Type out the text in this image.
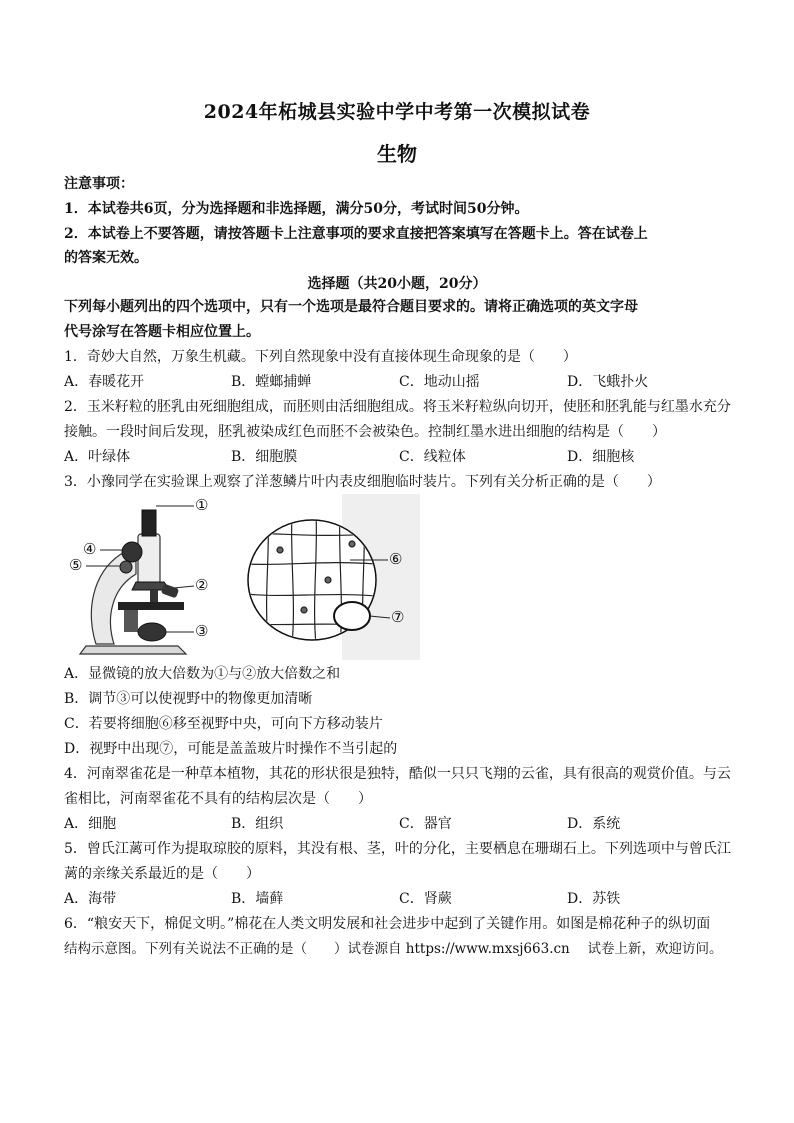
2024年柘城县实验中学中考第一次模拟试卷
生物
注意事项：
1．本试卷共6页，分为选择题和非选择题，满分50分，考试时间50分钟。
2．本试卷上不要答题，请按答题卡上注意事项的要求直接把答案填写在答题卡上。答在试卷上
的答案无效。
选择题（共20小题，20分）
下列每小题列出的四个选项中，只有一个选项是最符合题目要求的。请将正确选项的英文字母
代号涂写在答题卡相应位置上。
1．奇妙大自然，万象生机藏。下列自然现象中没有直接体现生命现象的是（　　）
A．春暖花开	B．螳螂捕蝉	C．地动山摇	D．飞蛾扑火
2．玉米籽粒的胚乳由死细胞组成，而胚则由活细胞组成。将玉米籽粒纵向切开，使胚和胚乳能与红墨水充分
接触。一段时间后发现，胚乳被染成红色而胚不会被染色。控制红墨水进出细胞的结构是（　　）
A．叶绿体	B．细胞膜	C．线粒体	D．细胞核
3．小豫同学在实验课上观察了洋葱鳞片叶内表皮细胞临时装片。下列有关分析正确的是（　　）
①
②
③
④
⑤	⑥
⑦
A．显微镜的放大倍数为①与②放大倍数之和
B．调节③可以使视野中的物像更加清晰
C．若要将细胞⑥移至视野中央，可向下方移动装片
D．视野中出现⑦，可能是盖盖玻片时操作不当引起的
4．河南翠雀花是一种草本植物，其花的形状很是独特，酷似一只只飞翔的云雀，具有很高的观赏价值。与云
雀相比，河南翠雀花不具有的结构层次是（　　）
A．细胞	B．组织	C．器官	D．系统
5．曾氏江蓠可作为提取琼胶的原料，其没有根、茎，叶的分化，主要栖息在珊瑚石上。下列选项中与曾氏江
蓠的亲缘关系最近的是（　　）
A．海带	B．墙藓	C．肾蕨	D．苏铁
6．“粮安天下，棉促文明。”棉花在人类文明发展和社会进步中起到了关键作用。如图是棉花种子的纵切面
结构示意图。下列有关说法不正确的是（　　）试卷源自 https://www.mxsj663.cn　 试卷上新，欢迎访问。
